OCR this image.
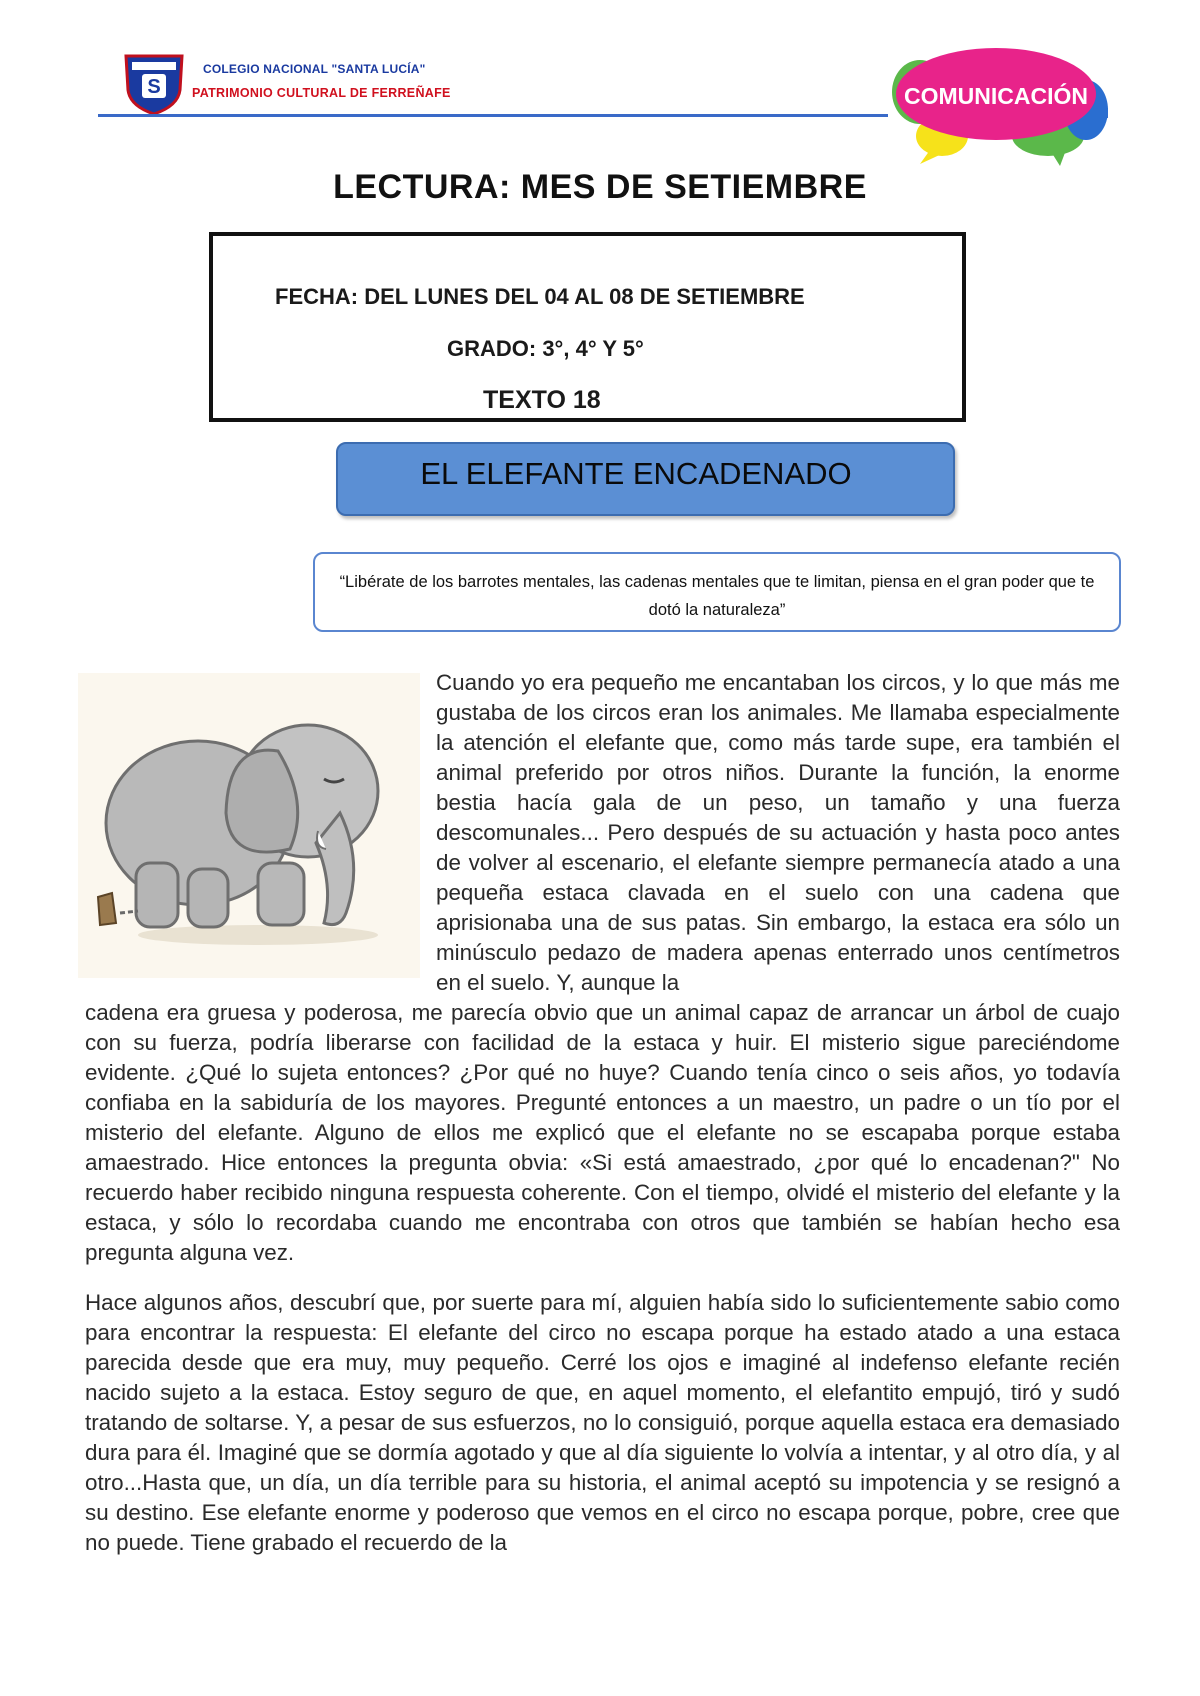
S
COLEGIO NACIONAL "SANTA LUCÍA"
PATRIMONIO CULTURAL DE FERREÑAFE	COMUNICACIÓN
LECTURA: MES DE SETIEMBRE
FECHA: DEL LUNES DEL 04 AL 08 DE SETIEMBRE
GRADO: 3°, 4° Y 5°
TEXTO 18
EL ELEFANTE ENCADENADO
“Libérate de los barrotes mentales, las cadenas mentales que te limitan, piensa en el gran poder que te dotó la naturaleza”
Cuando yo era pequeño me encantaban los circos, y lo que más me gustaba de los circos eran los animales. Me llamaba especialmente la atención el elefante que, como más tarde supe, era también el animal preferido por otros niños. Durante la función, la enorme bestia hacía gala de un peso, un tamaño y una fuerza descomunales... Pero después de su actuación y hasta poco antes de volver al escenario, el elefante siempre permanecía atado a una pequeña estaca clavada en el suelo con una cadena que aprisionaba una de sus patas. Sin embargo, la estaca era sólo un minúsculo pedazo de madera apenas enterrado unos centímetros en el suelo. Y, aunque la
cadena era gruesa y poderosa, me parecía obvio que un animal capaz de arrancar un árbol de cuajo con su fuerza, podría liberarse con facilidad de la estaca y huir. El misterio sigue pareciéndome evidente. ¿Qué lo sujeta entonces? ¿Por qué no huye? Cuando tenía cinco o seis años, yo todavía confiaba en la sabiduría de los mayores. Pregunté entonces a un maestro, un padre o un tío por el misterio del elefante. Alguno de ellos me explicó que el elefante no se escapaba porque estaba amaestrado. Hice entonces la pregunta obvia: «Si está amaestrado, ¿por qué lo encadenan?" No recuerdo haber recibido ninguna respuesta coherente. Con el tiempo, olvidé el misterio del elefante y la estaca, y sólo lo recordaba cuando me encontraba con otros que también se habían hecho esa pregunta alguna vez.
Hace algunos años, descubrí que, por suerte para mí, alguien había sido lo suficientemente sabio como para encontrar la respuesta: El elefante del circo no escapa porque ha estado atado a una estaca parecida desde que era muy, muy pequeño. Cerré los ojos e imaginé al indefenso elefante recién nacido sujeto a la estaca. Estoy seguro de que, en aquel momento, el elefantito empujó, tiró y sudó tratando de soltarse. Y, a pesar de sus esfuerzos, no lo consiguió, porque aquella estaca era demasiado dura para él. Imaginé que se dormía agotado y que al día siguiente lo volvía a intentar, y al otro día, y al otro...Hasta que, un día, un día terrible para su historia, el animal aceptó su impotencia y se resignó a su destino. Ese elefante enorme y poderoso que vemos en el circo no escapa porque, pobre, cree que no puede. Tiene grabado el recuerdo de la
